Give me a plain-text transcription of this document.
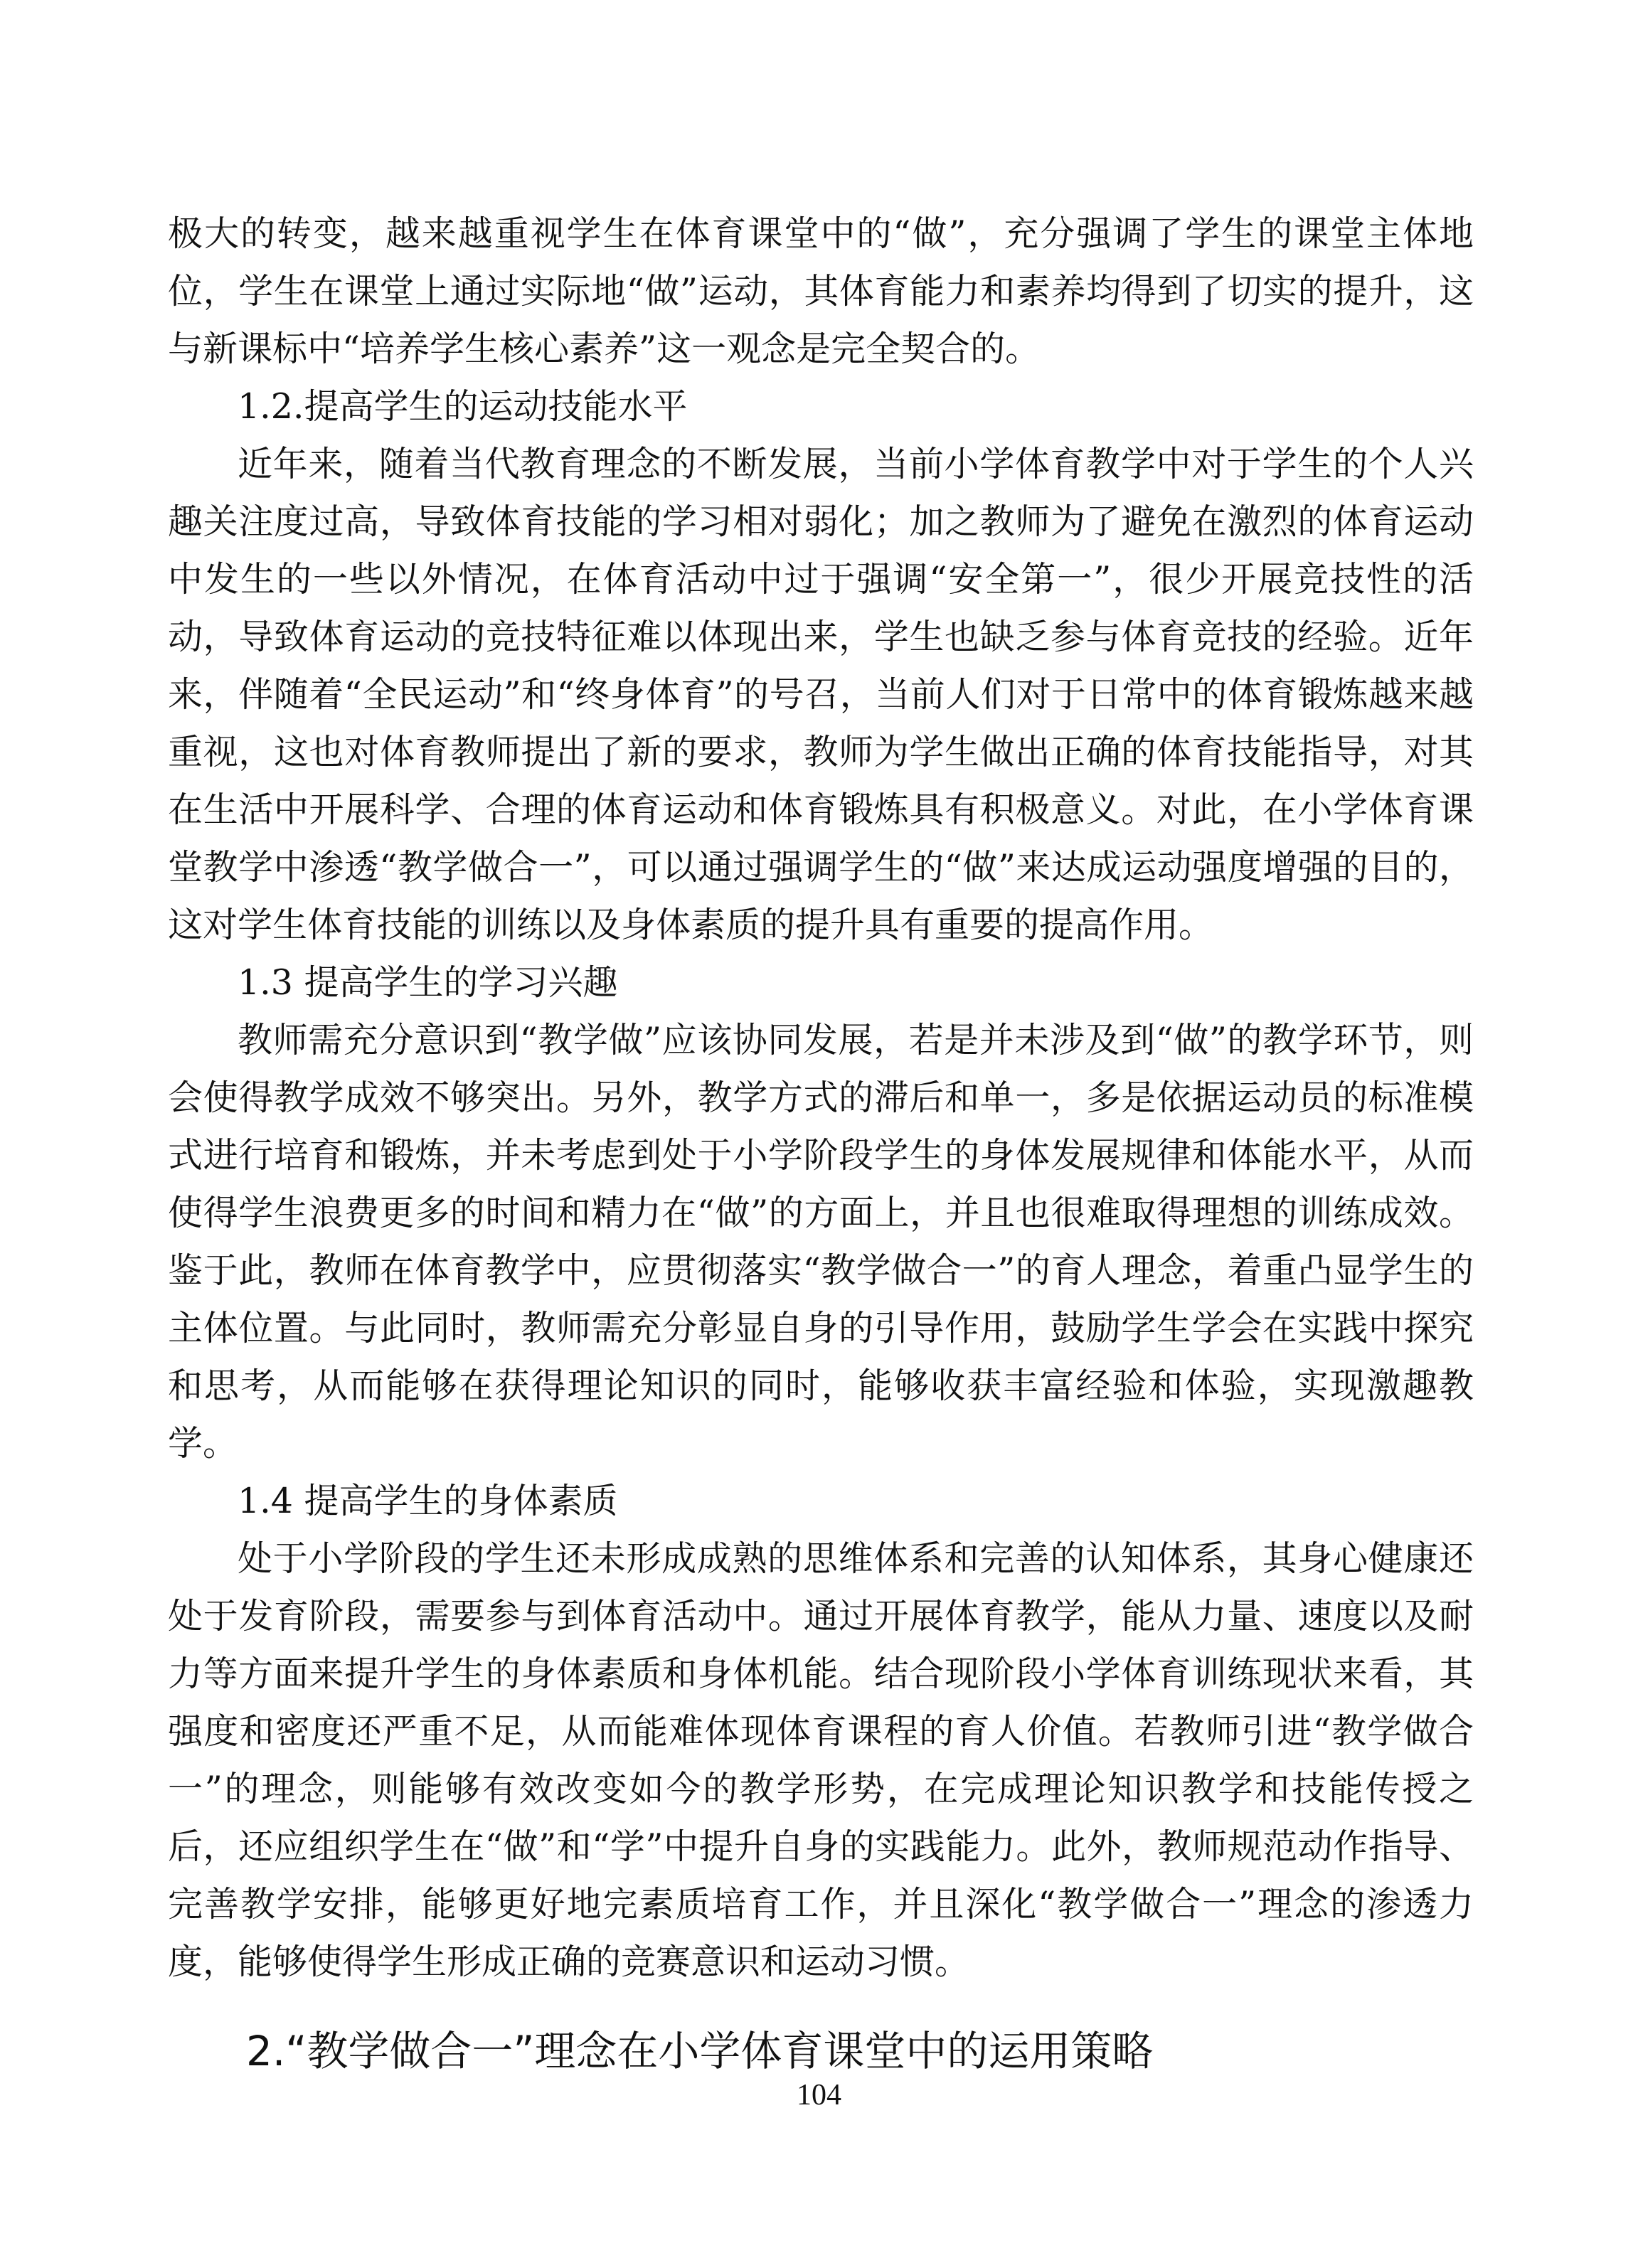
极大的转变，越来越重视学生在体育课堂中的“做”，充分强调了学生的课堂主体地位，学生在课堂上通过实际地“做”运动，其体育能力和素养均得到了切实的提升，这与新课标中“培养学生核心素养”这一观念是完全契合的。

1.2.提高学生的运动技能水平

近年来，随着当代教育理念的不断发展，当前小学体育教学中对于学生的个人兴趣关注度过高，导致体育技能的学习相对弱化；加之教师为了避免在激烈的体育运动中发生的一些以外情况，在体育活动中过于强调“安全第一”，很少开展竞技性的活动，导致体育运动的竞技特征难以体现出来，学生也缺乏参与体育竞技的经验。近年来，伴随着“全民运动”和“终身体育”的号召，当前人们对于日常中的体育锻炼越来越重视，这也对体育教师提出了新的要求，教师为学生做出正确的体育技能指导，对其在生活中开展科学、合理的体育运动和体育锻炼具有积极意义。对此，在小学体育课堂教学中渗透“教学做合一”，可以通过强调学生的“做”来达成运动强度增强的目的，这对学生体育技能的训练以及身体素质的提升具有重要的提高作用。

1.3 提高学生的学习兴趣

教师需充分意识到“教学做”应该协同发展，若是并未涉及到“做”的教学环节，则会使得教学成效不够突出。另外，教学方式的滞后和单一，多是依据运动员的标准模式进行培育和锻炼，并未考虑到处于小学阶段学生的身体发展规律和体能水平，从而使得学生浪费更多的时间和精力在“做”的方面上，并且也很难取得理想的训练成效。鉴于此，教师在体育教学中，应贯彻落实“教学做合一”的育人理念，着重凸显学生的主体位置。与此同时，教师需充分彰显自身的引导作用，鼓励学生学会在实践中探究和思考，从而能够在获得理论知识的同时，能够收获丰富经验和体验，实现激趣教学。

1.4 提高学生的身体素质

处于小学阶段的学生还未形成成熟的思维体系和完善的认知体系，其身心健康还处于发育阶段，需要参与到体育活动中。通过开展体育教学，能从力量、速度以及耐力等方面来提升学生的身体素质和身体机能。结合现阶段小学体育训练现状来看，其强度和密度还严重不足，从而能难体现体育课程的育人价值。若教师引进“教学做合一”的理念，则能够有效改变如今的教学形势，在完成理论知识教学和技能传授之后，还应组织学生在“做”和“学”中提升自身的实践能力。此外，教师规范动作指导、完善教学安排，能够更好地完素质培育工作，并且深化“教学做合一”理念的渗透力度，能够使得学生形成正确的竞赛意识和运动习惯。

2.“教学做合一”理念在小学体育课堂中的运用策略
104
